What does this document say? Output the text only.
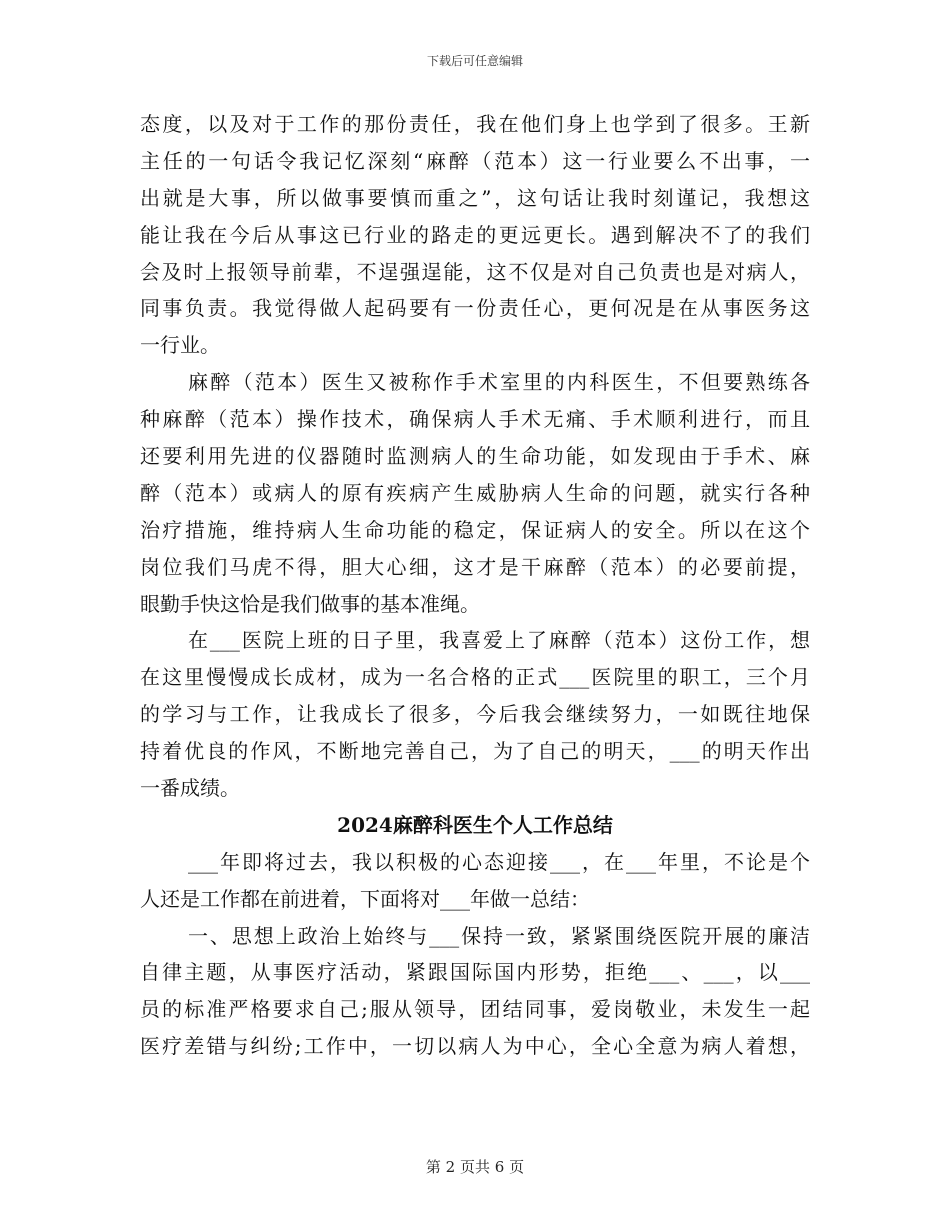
下载后可任意编辑
态度，以及对于工作的那份责任，我在他们身上也学到了很多。王新
主任的一句话令我记忆深刻“麻醉（范本）这一行业要么不出事，一
出就是大事，所以做事要慎而重之”，这句话让我时刻谨记，我想这
能让我在今后从事这已行业的路走的更远更长。遇到解决不了的我们
会及时上报领导前辈，不逞强逞能，这不仅是对自己负责也是对病人，
同事负责。我觉得做人起码要有一份责任心，更何况是在从事医务这
一行业。
麻醉（范本）医生又被称作手术室里的内科医生，不但要熟练各
种麻醉（范本）操作技术，确保病人手术无痛、手术顺利进行，而且
还要利用先进的仪器随时监测病人的生命功能，如发现由于手术、麻
醉（范本）或病人的原有疾病产生威胁病人生命的问题，就实行各种
治疗措施，维持病人生命功能的稳定，保证病人的安全。所以在这个
岗位我们马虎不得，胆大心细，这才是干麻醉（范本）的必要前提，
眼勤手快这恰是我们做事的基本准绳。
在___医院上班的日子里，我喜爱上了麻醉（范本）这份工作，想
在这里慢慢成长成材，成为一名合格的正式___医院里的职工，三个月
的学习与工作，让我成长了很多，今后我会继续努力，一如既往地保
持着优良的作风，不断地完善自己，为了自己的明天，___的明天作出
一番成绩。
2024麻醉科医生个人工作总结
___年即将过去，我以积极的心态迎接___，在___年里，不论是个
人还是工作都在前进着，下面将对___年做一总结：
一、思想上政治上始终与___保持一致，紧紧围绕医院开展的廉洁
自律主题，从事医疗活动，紧跟国际国内形势，拒绝___、___，以___
员的标准严格要求自己;服从领导，团结同事，爱岗敬业，未发生一起
医疗差错与纠纷;工作中，一切以病人为中心，全心全意为病人着想，
第 2 页共 6 页
